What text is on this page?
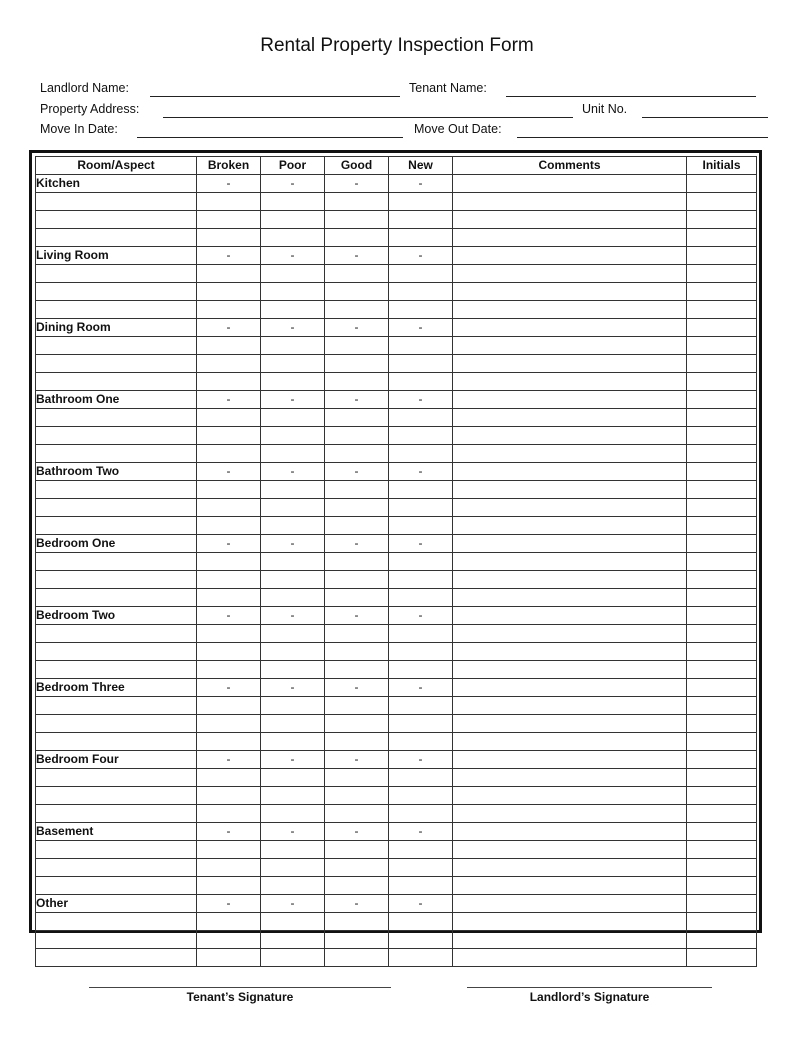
Rental Property Inspection Form
Landlord Name:	Tenant Name:
Property Address:	Unit No.
Move In Date:	Move Out Date:
Room/Aspect	Broken	Poor	Good	New	Comments	Initials
Kitchen	-	-	-	-		

Living Room	-	-	-	-		

Dining Room	-	-	-	-		

Bathroom One	-	-	-	-		

Bathroom Two	-	-	-	-		

Bedroom One	-	-	-	-		

Bedroom Two	-	-	-	-		

Bedroom Three	-	-	-	-		

Bedroom Four	-	-	-	-		

Basement	-	-	-	-		

Other	-	-	-	-		

Tenant’s Signature	Landlord’s Signature
